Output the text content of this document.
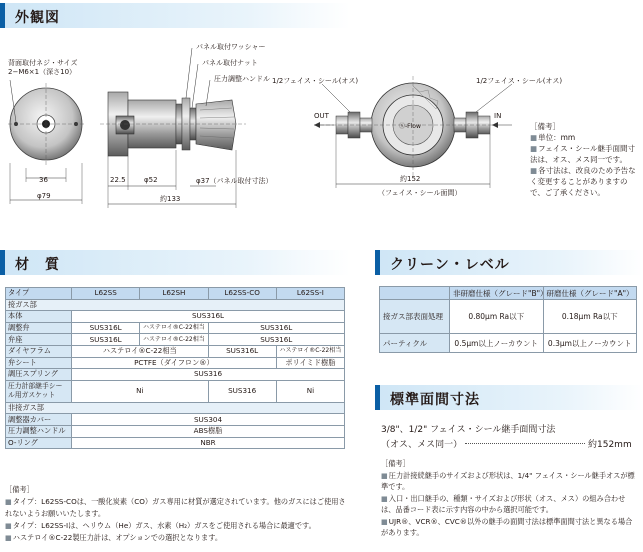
外観図
背面取付ネジ・サイズ
2−M6×1（深さ10）
パネル取付ワッシャー
パネル取付ナット
圧力調整ハンドル 1/2フェイス・シール(オス)	1/2フェイス・シール(オス)
OUT	IN
Ⓢ-Flow
36
φ79
22.5	φ52	φ37（パネル取付寸法）
約133
約152
（フェイス・シール面間）
［備考］
■ 単位：mm
■ フェイス・シール継手面間寸法は、オス、メス同一です。
■ 各寸法は、改良のため予告なく変更することがありますので、ご了承ください。
材　質
タイプ	L62SS	L62SH	L62SS-CO	L62SS-I
接ガス部				
本体	SUS316L			
調整弁	SUS316L	ハステロイ®C-22相当	SUS316L	
弁座	SUS316L	ハステロイ®C-22相当	SUS316L	
ダイヤフラム	ハステロイ®C-22相当		SUS316L	ハステロイ®C-22相当
弁シート	PCTFE（ダイフロン®）			ポリイミド樹脂
調圧スプリング	SUS316			
圧力計部継手シール用ガスケット	Ni		SUS316	Ni
非接ガス部				
調整器カバー	SUS304			
圧力調整ハンドル	ABS樹脂			
O-リング	NBR			
［備考］
■ タイプ：L62SS-COは、一酸化炭素（CO）ガス専用に材質が選定されています。他のガスにはご使用されないようお願いいたします。
■ タイプ：L62SS-Iは、ヘリウム（He）ガス、水素（H₂）ガスをご使用される場合に最適です。
■ ハステロイ®C-22製圧力計は、オプションでの選択となります。
クリーン・レベル
	非研磨仕様（グレード"B"）	研磨仕様（グレード"A"）
接ガス部表面処理	0.80μm Ra以下	0.18μm Ra以下
パーティクル	0.5μm以上ノーカウント	0.3μm以上ノーカウント
標準面間寸法
3/8"、1/2" フェイス・シール継手面間寸法
（オス、メス同一）	約152mm
［備考］
■ 圧力計接続継手のサイズおよび形状は、1/4" フェイス・シール継手オスが標準です。
■ 入口・出口継手の、種類・サイズおよび形状（オス、メス）の組み合わせは、品番コード表に示す内容の中から選択可能です。
■ UJR®、VCR®、CVC®以外の継手の面間寸法は標準面間寸法と異なる場合があります。
